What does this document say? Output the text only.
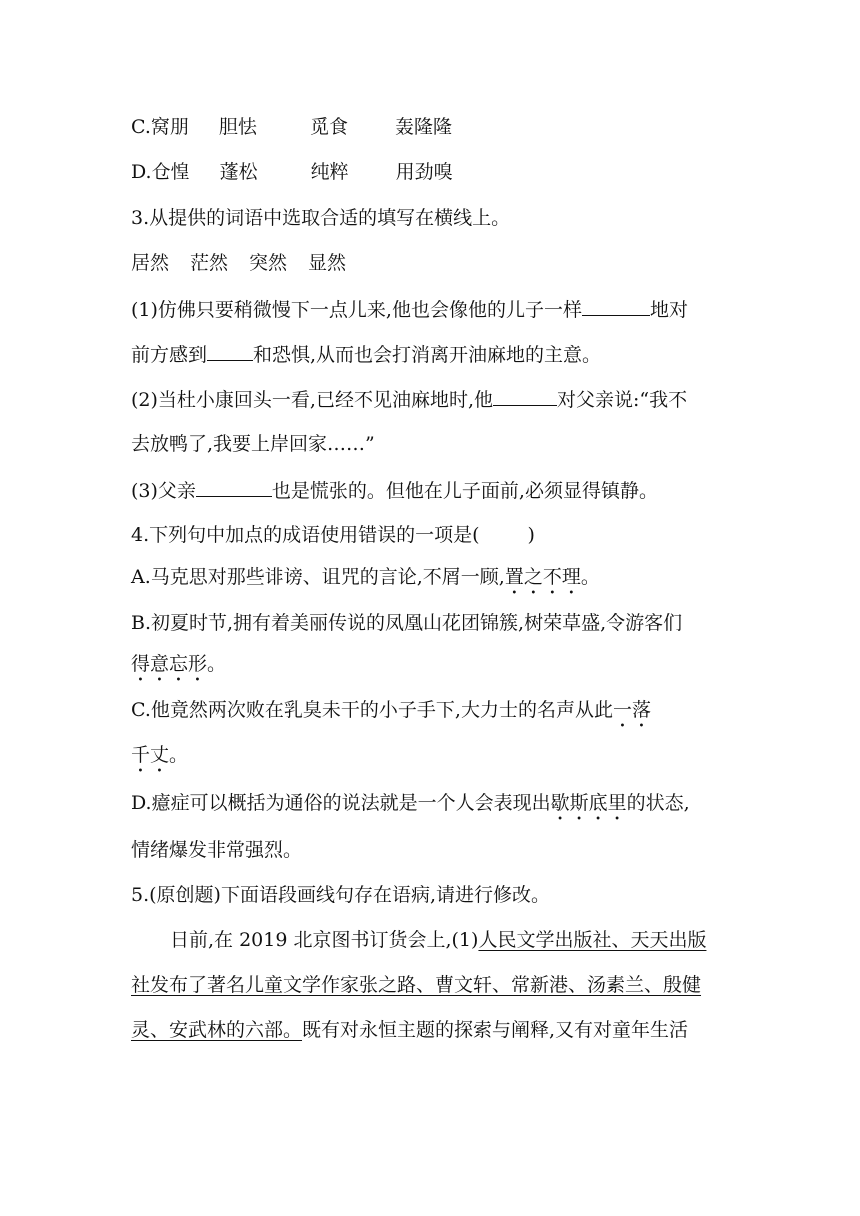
C.窝朋 胆怯	觅食 轰隆隆
D.仓惶 蓬松	纯粹 用劲嗅
3.从提供的词语中选取合适的填写在横线上。
居然 茫然 突然 显然
(1)仿佛只要稍微慢下一点儿来,他也会像他的儿子一样	地对
前方感到 和恐惧,从而也会打消离开油麻地的主意。
(2)当杜小康回头一看,已经不见油麻地时,他	对父亲说:“我不
去放鸭了,我要上岸回家……”
(3)父亲	也是慌张的。但他在儿子面前,必须显得镇静。
4.下列句中加点的成语使用错误的一项是(	)
A.马克思对那些诽谤、诅咒的言论,不屑一顾,置之不理。
B.初夏时节,拥有着美丽传说的凤凰山花团锦簇,树荣草盛,令游客们
得意忘形。
C.他竟然两次败在乳臭未干的小子手下,大力士的名声从此一落
千丈。
D.癔症可以概括为通俗的说法就是一个人会表现出歇斯底里的状态,
情绪爆发非常强烈。
5.(原创题)下面语段画线句存在语病,请进行修改。
日前,在 2019 北京图书订货会上,(1)人民文学出版社、天天出版
社发布了著名儿童文学作家张之路、曹文轩、常新港、汤素兰、殷健
灵、安武林的六部。既有对永恒主题的探索与阐释,又有对童年生活
